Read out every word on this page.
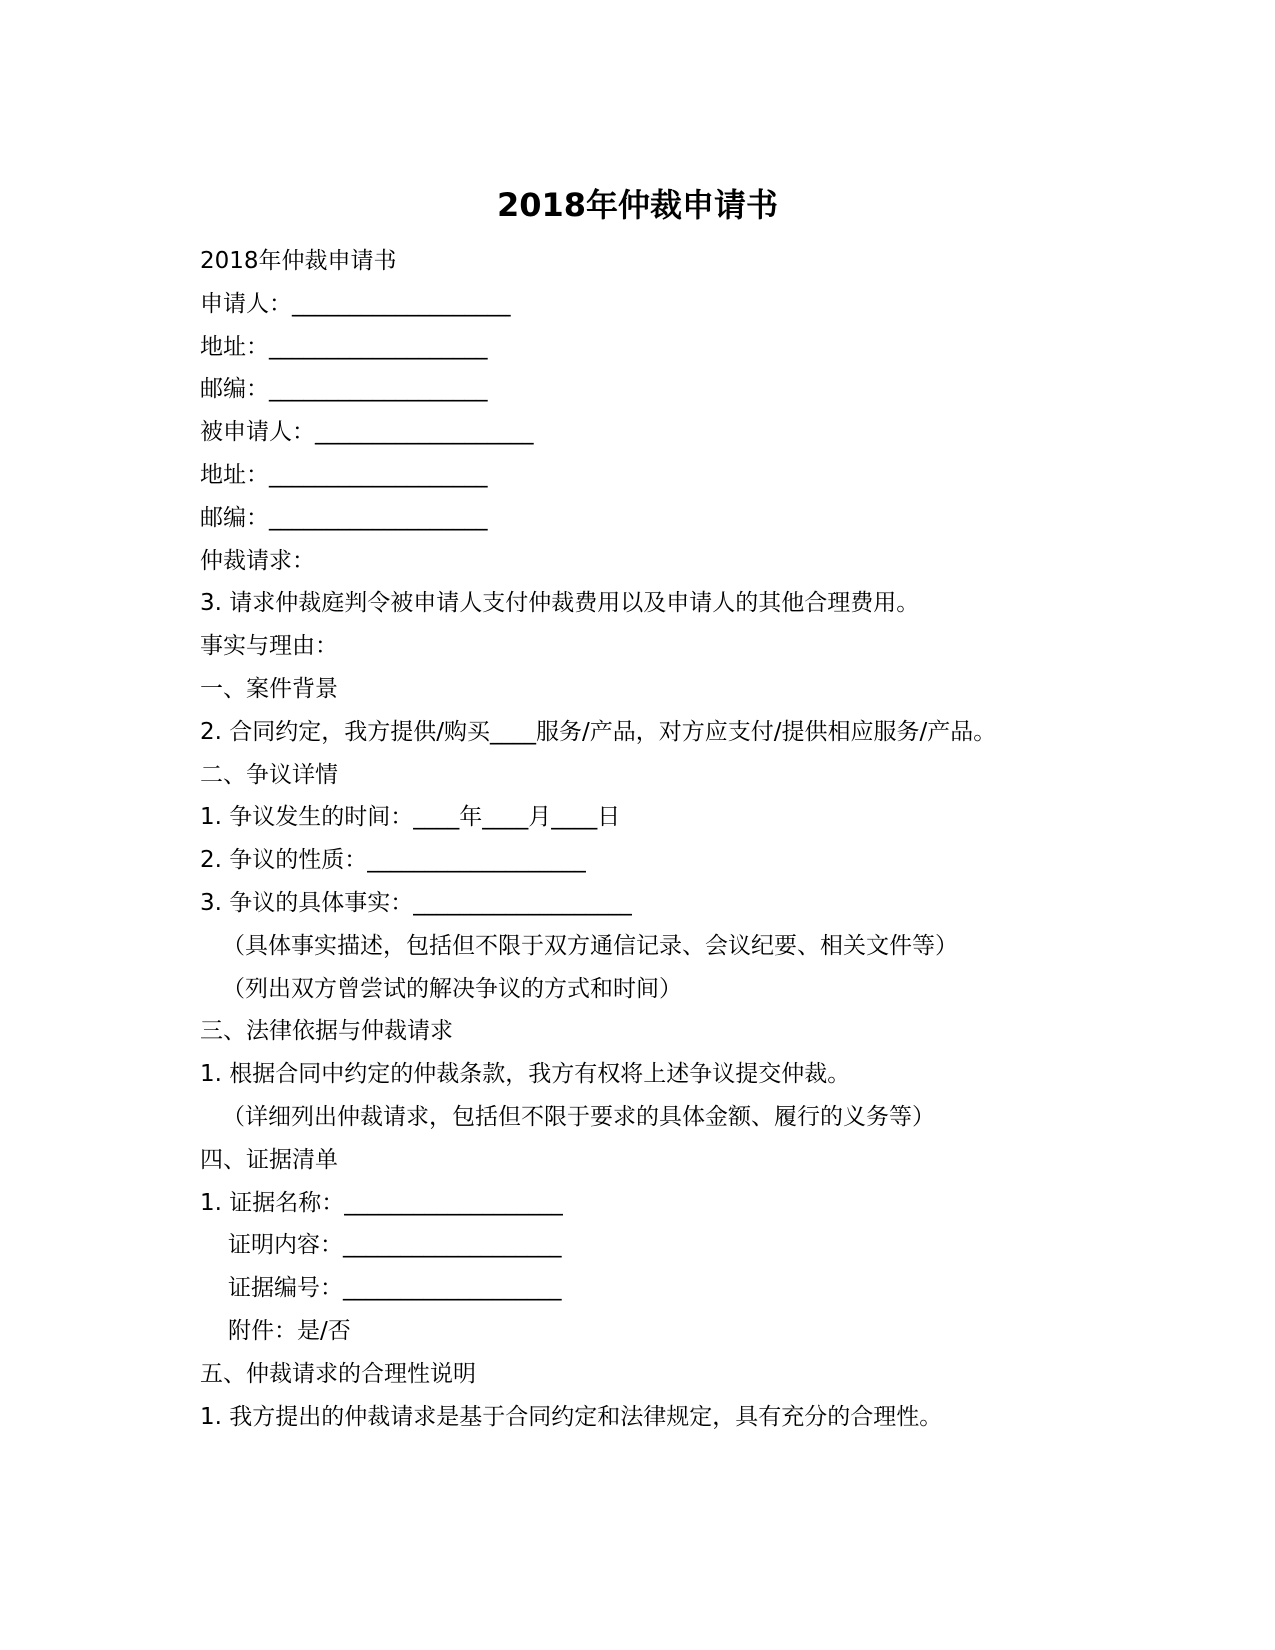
2018年仲裁申请书
2018年仲裁申请书
申请人：___________________
地址：___________________
邮编：___________________
被申请人：___________________
地址：___________________
邮编：___________________
仲裁请求：
3. 请求仲裁庭判令被申请人支付仲裁费用以及申请人的其他合理费用。
事实与理由：
一、案件背景
2. 合同约定，我方提供/购买____服务/产品，对方应支付/提供相应服务/产品。
二、争议详情
1. 争议发生的时间：____年____月____日
2. 争议的性质：___________________
3. 争议的具体事实：___________________
（具体事实描述，包括但不限于双方通信记录、会议纪要、相关文件等）
（列出双方曾尝试的解决争议的方式和时间）
三、法律依据与仲裁请求
1. 根据合同中约定的仲裁条款，我方有权将上述争议提交仲裁。
（详细列出仲裁请求，包括但不限于要求的具体金额、履行的义务等）
四、证据清单
1. 证据名称：___________________
证明内容：___________________
证据编号：___________________
附件：是/否
五、仲裁请求的合理性说明
1. 我方提出的仲裁请求是基于合同约定和法律规定，具有充分的合理性。
